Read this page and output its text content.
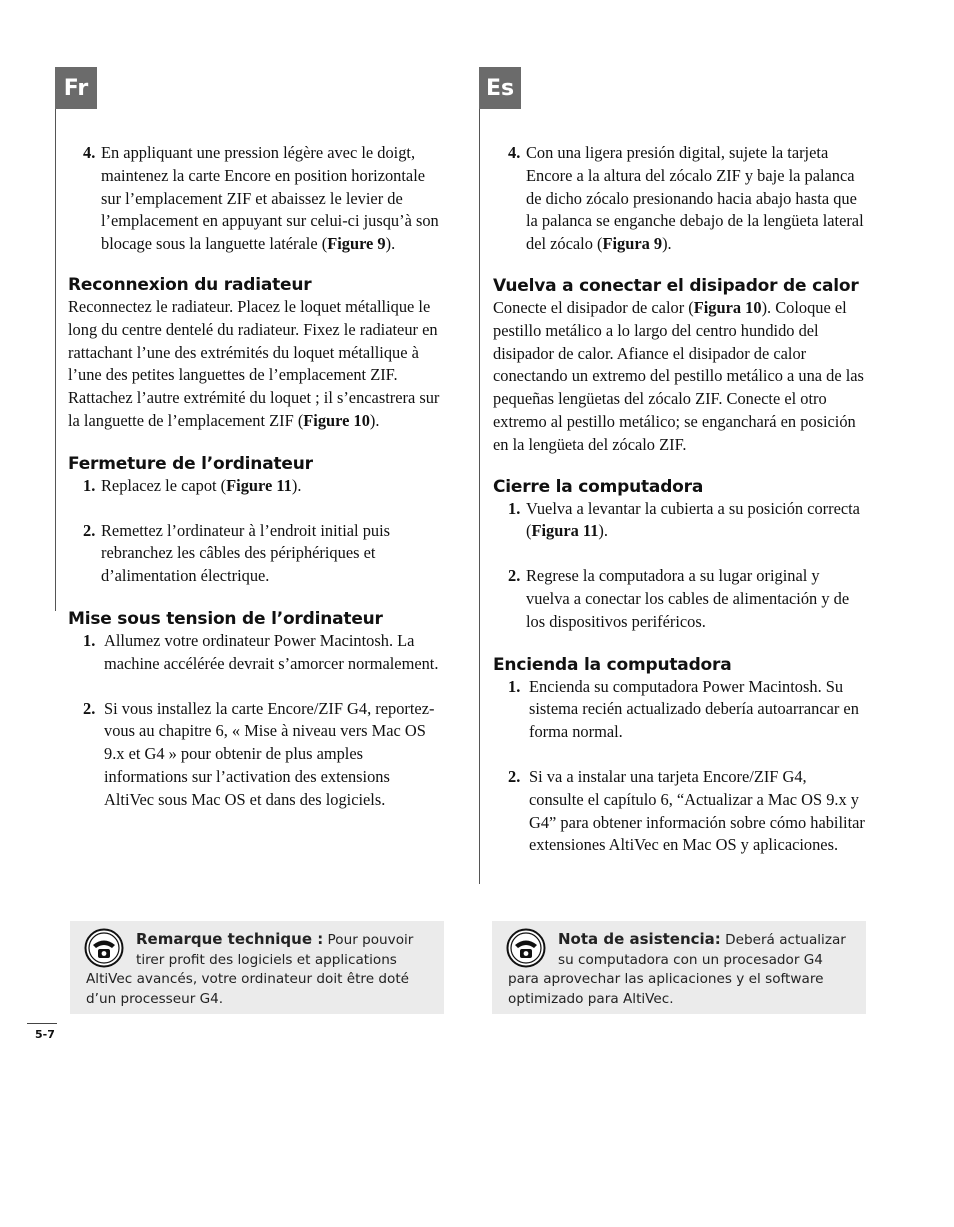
Fr	Es
4. En appliquant une pression légère avec le doigt, maintenez la carte Encore en position horizontale sur l’emplacement ZIF et abaissez le levier de l’emplacement en appuyant sur celui-ci jusqu’à son blocage sous la languette latérale (Figure 9).
Reconnexion du radiateur

Reconnectez le radiateur. Placez le loquet métallique le long du centre dentelé du radiateur. Fixez le radiateur en rattachant l’une des extrémités du loquet métallique à l’une des petites languettes de l’emplacement ZIF. Rattachez l’autre extrémité du loquet ; il s’encastrera sur la languette de l’emplacement ZIF (Figure 10).

Fermeture de l’ordinateur
1. Replacez le capot (Figure 11).
2. Remettez l’ordinateur à l’endroit initial puis rebranchez les câbles des périphériques et d’alimentation électrique.
Mise sous tension de l’ordinateur
1. Allumez votre ordinateur Power Macintosh. La machine accélérée devrait s’amorcer normalement.
2. Si vous installez la carte Encore/ZIF G4, reportez-vous au chapitre 6, « Mise à niveau vers Mac OS 9.x et G4 » pour obtenir de plus amples informations sur l’activation des extensions AltiVec sous Mac OS et dans des logiciels.
4. Con una ligera presión digital, sujete la tarjeta Encore a la altura del zócalo ZIF y baje la palanca de dicho zócalo presionando hacia abajo hasta que la palanca se enganche debajo de la lengüeta lateral del zócalo (Figura 9).
Vuelva a conectar el disipador de calor

Conecte el disipador de calor (Figura 10). Coloque el pestillo metálico a lo largo del centro hundido del disipador de calor. Afiance el disipador de calor conectando un extremo del pestillo metálico a una de las pequeñas lengüetas del zócalo ZIF. Conecte el otro extremo al pestillo metálico; se enganchará en posición en la lengüeta del zócalo ZIF.

Cierre la computadora
1. Vuelva a levantar la cubierta a su posición correcta (Figura 11).
2. Regrese la computadora a su lugar original y vuelva a conectar los cables de alimentación y de los dispositivos periféricos.
Encienda la computadora
1. Encienda su computadora Power Macintosh. Su sistema recién actualizado debería autoarrancar en forma normal.
2. Si va a instalar una tarjeta Encore/ZIF G4, consulte el capítulo 6, “Actualizar a Mac OS 9.x y G4” para obtener información sobre cómo habilitar extensiones AltiVec en Mac OS y aplicaciones.
Remarque technique : Pour pouvoir tirer profit des logiciels et applications AltiVec avancés, votre ordinateur doit être doté d’un processeur G4.
Nota de asistencia: Deberá actualizar su computadora con un procesador G4 para aprovechar las aplicaciones y el software optimizado para AltiVec.
5-7
